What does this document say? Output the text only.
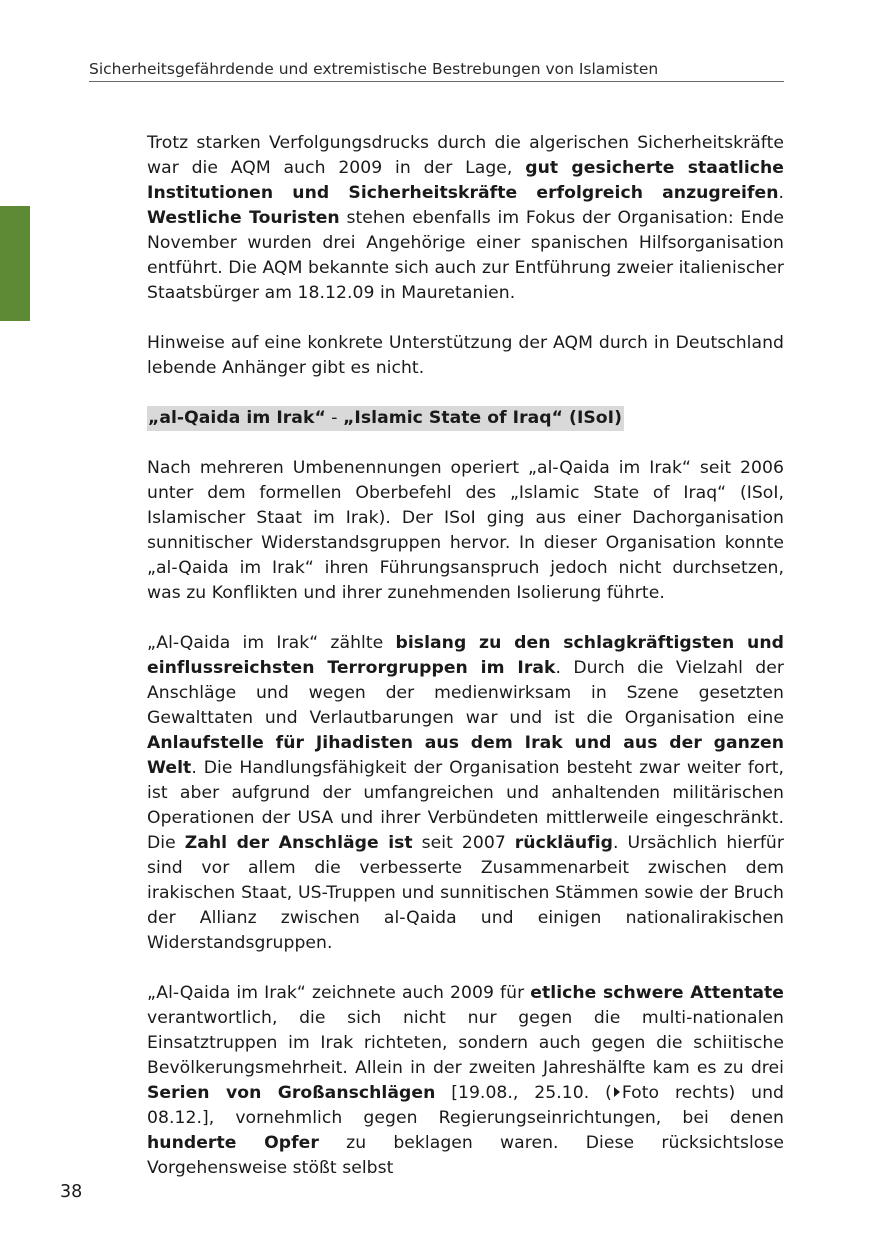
Sicherheitsgefährdende und extremistische Bestrebungen von Islamisten

Trotz starken Verfolgungsdrucks durch die algerischen Sicherheitskräfte war die AQM auch 2009 in der Lage, gut gesicherte staatliche Institutionen und Sicherheitskräfte erfolgreich anzugreifen. Westliche Touristen stehen ebenfalls im Fokus der Organisation: Ende November wurden drei Angehörige einer spanischen Hilfsorganisation entführt. Die AQM bekannte sich auch zur Entführung zweier italienischer Staatsbürger am 18.12.09 in Mauretanien.

Hinweise auf eine konkrete Unterstützung der AQM durch in Deutschland lebende Anhänger gibt es nicht.

„al-Qaida im Irak“ - „Islamic State of Iraq“ (ISoI)

Nach mehreren Umbenennungen operiert „al-Qaida im Irak“ seit 2006 unter dem formellen Oberbefehl des „Islamic State of Iraq“ (ISoI, Islamischer Staat im Irak). Der ISoI ging aus einer Dachorganisation sunnitischer Widerstandsgruppen hervor. In dieser Organisation konnte „al-Qaida im Irak“ ihren Führungsanspruch jedoch nicht durchsetzen, was zu Konflikten und ihrer zunehmenden Isolierung führte.

„Al-Qaida im Irak“ zählte bislang zu den schlagkräftigsten und einflussreichsten Terrorgruppen im Irak. Durch die Vielzahl der Anschläge und wegen der medienwirksam in Szene gesetzten Gewalttaten und Verlautbarungen war und ist die Organisation eine Anlaufstelle für Jihadisten aus dem Irak und aus der ganzen Welt. Die Handlungsfähigkeit der Organisation besteht zwar weiter fort, ist aber aufgrund der umfangreichen und anhaltenden militärischen Operationen der USA und ihrer Verbündeten mittlerweile eingeschränkt. Die Zahl der Anschläge ist seit 2007 rückläufig. Ursächlich hierfür sind vor allem die verbesserte Zusammenarbeit zwischen dem irakischen Staat, US-Truppen und sunnitischen Stämmen sowie der Bruch der Allianz zwischen al-Qaida und einigen nationalirakischen Widerstandsgruppen.

„Al-Qaida im Irak“ zeichnete auch 2009 für etliche schwere Attentate verantwortlich, die sich nicht nur gegen die multi-nationalen Einsatztruppen im Irak richteten, sondern auch gegen die schiitische Bevölkerungsmehrheit. Allein in der zweiten Jahreshälfte kam es zu drei Serien von Großanschlägen [19.08., 25.10. ( Foto rechts) und 08.12.], vornehmlich gegen Regierungseinrichtungen, bei denen hunderte Opfer zu beklagen waren. Diese rücksichtslose Vorgehensweise stößt selbst

38
